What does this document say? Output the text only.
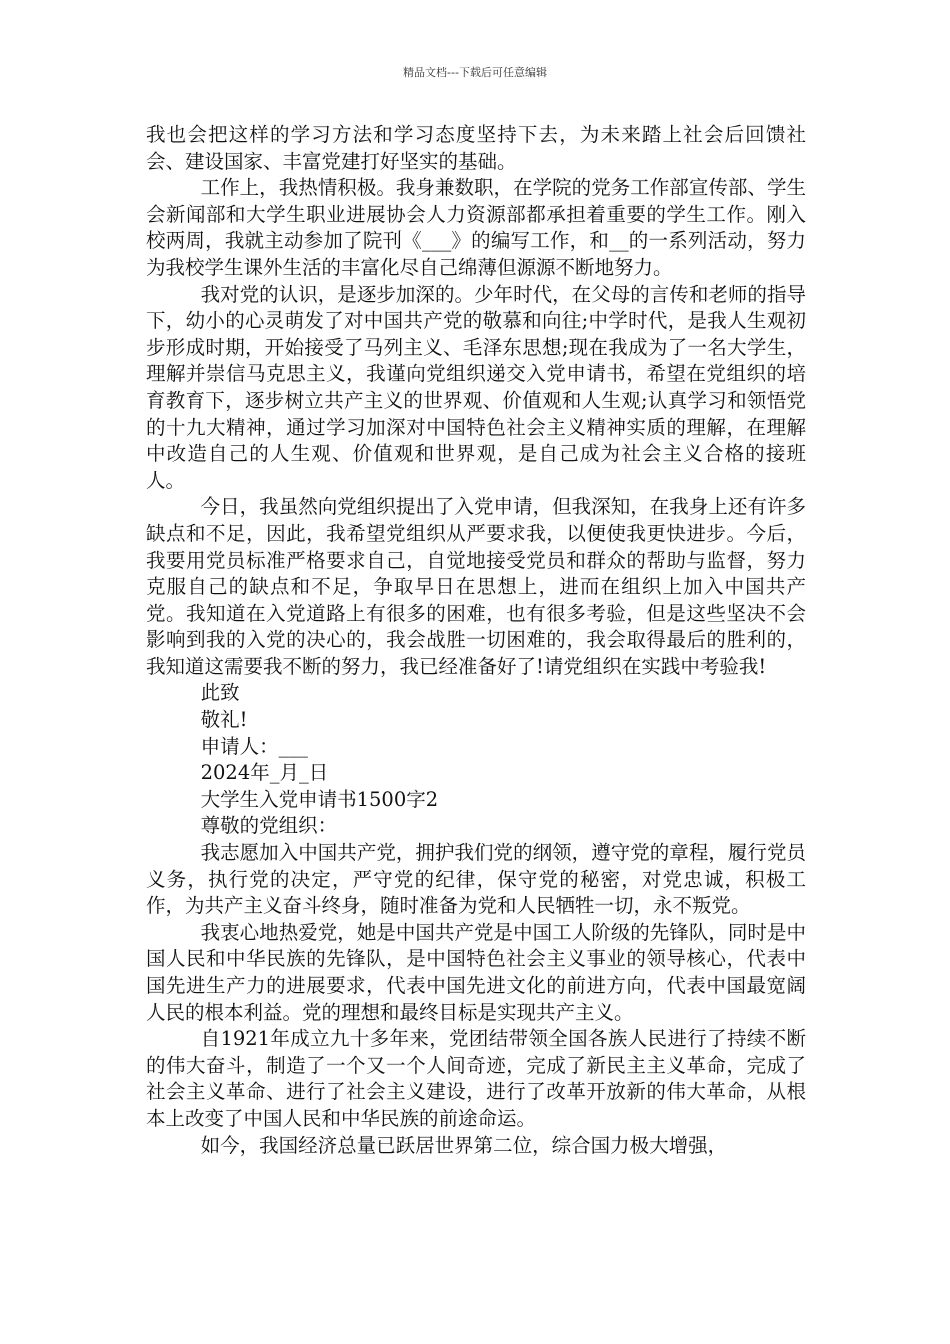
精品文档---下载后可任意编辑

我也会把这样的学习方法和学习态度坚持下去，为未来踏上社会后回馈社会、建设国家、丰富党建打好坚实的基础。

工作上，我热情积极。我身兼数职，在学院的党务工作部宣传部、学生会新闻部和大学生职业进展协会人力资源部都承担着重要的学生工作。刚入校两周，我就主动参加了院刊《___》的编写工作，和__的一系列活动，努力为我校学生课外生活的丰富化尽自己绵薄但源源不断地努力。

我对党的认识，是逐步加深的。少年时代，在父母的言传和老师的指导下，幼小的心灵萌发了对中国共产党的敬慕和向往;中学时代，是我人生观初步形成时期，开始接受了马列主义、毛泽东思想;现在我成为了一名大学生，理解并崇信马克思主义，我谨向党组织递交入党申请书，希望在党组织的培育教育下，逐步树立共产主义的世界观、价值观和人生观;认真学习和领悟党的十九大精神，通过学习加深对中国特色社会主义精神实质的理解，在理解中改造自己的人生观、价值观和世界观，是自己成为社会主义合格的接班人。

今日，我虽然向党组织提出了入党申请，但我深知，在我身上还有许多缺点和不足，因此，我希望党组织从严要求我，以便使我更快进步。今后，我要用党员标准严格要求自己，自觉地接受党员和群众的帮助与监督，努力克服自己的缺点和不足，争取早日在思想上，进而在组织上加入中国共产党。我知道在入党道路上有很多的困难，也有很多考验，但是这些坚决不会影响到我的入党的决心的，我会战胜一切困难的，我会取得最后的胜利的，我知道这需要我不断的努力，我已经准备好了!请党组织在实践中考验我!

此致

敬礼!

申请人：___

2024年_月_日

大学生入党申请书1500字2

尊敬的党组织：

我志愿加入中国共产党，拥护我们党的纲领，遵守党的章程，履行党员义务，执行党的决定，严守党的纪律，保守党的秘密，对党忠诚，积极工作，为共产主义奋斗终身，随时准备为党和人民牺牲一切，永不叛党。

我衷心地热爱党，她是中国共产党是中国工人阶级的先锋队，同时是中国人民和中华民族的先锋队，是中国特色社会主义事业的领导核心，代表中国先进生产力的进展要求，代表中国先进文化的前进方向，代表中国最宽阔人民的根本利益。党的理想和最终目标是实现共产主义。

自1921年成立九十多年来，党团结带领全国各族人民进行了持续不断的伟大奋斗，制造了一个又一个人间奇迹，完成了新民主主义革命，完成了社会主义革命、进行了社会主义建设，进行了改革开放新的伟大革命，从根本上改变了中国人民和中华民族的前途命运。

如今，我国经济总量已跃居世界第二位，综合国力极大增强，
